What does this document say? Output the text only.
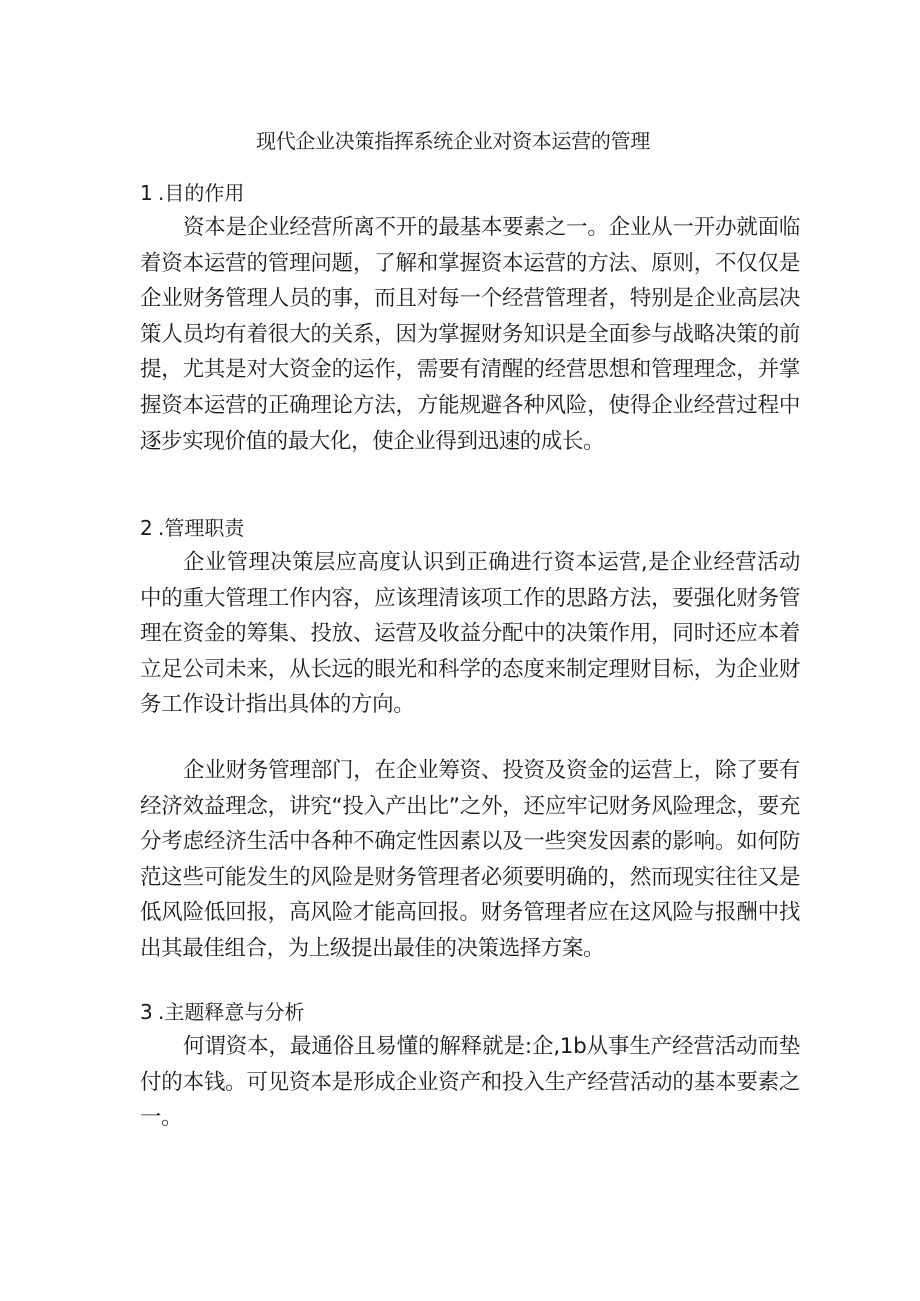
现代企业决策指挥系统企业对资本运营的管理
1 .目的作用

资本是企业经营所离不开的最基本要素之一。企业从一开办就面临着资本运营的管理问题，了解和掌握资本运营的方法、原则，不仅仅是企业财务管理人员的事，而且对每一个经营管理者，特别是企业高层决策人员均有着很大的关系，因为掌握财务知识是全面参与战略决策的前提，尤其是对大资金的运作，需要有清醒的经营思想和管理理念，并掌握资本运营的正确理论方法，方能规避各种风险，使得企业经营过程中逐步实现价值的最大化，使企业得到迅速的成长。

2 .管理职责

企业管理决策层应高度认识到正确进行资本运营,是企业经营活动中的重大管理工作内容，应该理清该项工作的思路方法，要强化财务管理在资金的筹集、投放、运营及收益分配中的决策作用，同时还应本着立足公司未来，从长远的眼光和科学的态度来制定理财目标，为企业财务工作设计指出具体的方向。

企业财务管理部门，在企业筹资、投资及资金的运营上，除了要有经济效益理念，讲究“投入产出比”之外，还应牢记财务风险理念，要充分考虑经济生活中各种不确定性因素以及一些突发因素的影响。如何防范这些可能发生的风险是财务管理者必须要明确的，然而现实往往又是低风险低回报，高风险才能高回报。财务管理者应在这风险与报酬中找出其最佳组合，为上级提出最佳的决策选择方案。

3 .主题释意与分析

何谓资本，最通俗且易懂的解释就是:企,1b从事生产经营活动而垫付的本钱。可见资本是形成企业资产和投入生产经营活动的基本要素之一。
